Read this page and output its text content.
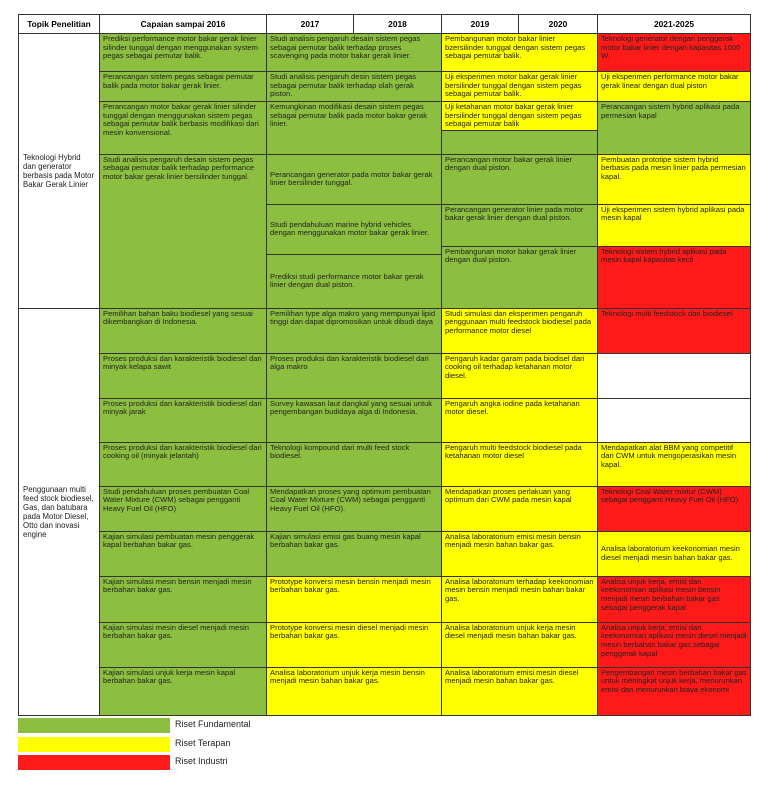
Topik Penelitian	Capaian sampai 2016	2017	2018	2019	2020	2021-2025
Teknologi Hybrid dan generator berbasis pada Motor Bakar Gerak Linier	Prediksi performance motor bakar gerak linier silinder tunggal dengan menggunakan system pegas sebagai pemutar balik.	Studi analisis pengaruh desain sistem pegas sebagai pemutar balik terhadap proses scavenging pada motor bakar gerak linier.		Pembangunan motor bakar linier bzersilinder tunggal dengan sistem pegas sebagai pemutar balik.		Teknologi generator dengan penggerak motor bakar linier dengan kapasitas 1000 W.
	Perancangan sistem pegas sebagai pemutar balik pada motor bakar gerak linier.	Studi analisis pengaruh desin sistem pegas sebagai pemutar balik terhadap olah gerak piston.		Uji eksperimen motor bakar gerak linier bersilinder tunggal dengan sistem pegas sebagai pemutar balik.		Uji eksperimen performance motor bakar gerak linear dengan dual piston
	Perancangan motor bakar gerak linier silinder tunggal dengan menggunakan sistem pegas sebagai pemutar balik berbasis modifikasi dari mesin konvensional.	Kemungkinan modifikasi desain sistem pegas sebagai pemutar balik pada motor bakar gerak linier.		Uji ketahanan motor bakar gerak linier bersilinder tunggal dengan sistem pegas sebagai pemutar balik		Perancangan sistem hybrid aplikasi pada permesian kapal

	Studi analisis pengaruh desain sistem pegas sebagai pemutar balik terhadap performance motor bakar gerak linier bersilinder tunggal.	Perancangan generator pada motor bakar gerak linier bersilinder tunggal.		Perancangan motor bakar gerak linier dengan dual piston.		Pembuatan prototipe sistem hybrid berbasis pada mesin linier pada permesian kapal.
		Studi pendahuluan marine hybrid vehicles dengan menggunakan motor bakar gerak linier.		Perancangan generator linier pada motor bakar gerak linier dengan dual piston.		Uji eksperimen sistem hybrid aplikasi pada mesin kapal
				Pembangunan motor bakar gerak linier dengan dual piston.		Teknologi sistem hybrid aplikasi pada mesin kapal kapasitas kecil
		Prediksi studi performance motor bakar gerak linier dengan dual piston.				
Penggunaan multi feed stock biodiesel, Gas, dan batubara pada Motor Diesel, Otto dan inovasi engine	Pemilihan bahan baku biodiesel yang sesuai dikembangkan di Indonesia.	Pemilihan type alga makro yang mempunyai lipid tinggi dan dapat dipromosikan untuk dibudi daya		Studi simulasi dan eksperimen pengaruh penggunaan multi feedstock biodiesel pada performance motor diesel		Teknologi multi feedstock dari biodiesel
	Proses produksi dan karakteristik biodiesel dari minyak kelapa sawit	Proses produksi dan karakteristik biodiesel dari alga makro		Pengaruh kadar garam pada biodisel dari cooking oil terhadap ketahanan motor diesel.		
	Proses produksi dan karakteristik biodiesel dari minyak jarak	Survey kawasan laut dangkal yang sesuai untuk pengembangan budidaya alga di Indonesia.		Pengaruh angka iodine pada ketahanan motor diesel.		
	Proses produksi dan karakteristik biodiesel dari cooking oil (minyak jelantah)	Teknologi kompound dari multi feed stock biodiesel.		Pengaruh multi feedstock biodiesel pada ketahanan motor diesel		Mendapatkan alat BBM yang competitif dari CWM untuk mengoperasikan mesin kapal.
	Studi pendahuluan proses pembuatan Coal Water Mixture (CWM) sebagai pengganti Heavy Fuel Oil (HFO)	Mendapatkan proses yang optimum pembuatan Coal Water Mixture (CWM) sebagai pengganti Heavy Fuel Oil (HFO).		Mendapatkan proses perlakuan yang optimum dari CWM pada mesin kapal		Teknologi Coal Water mixtur (CWM) sebagai pengganti Heavy Fuel Oil (HFO)
	Kajian simulasi pembuatan mesin penggerak kapal berbahan bakar gas.	Kajian simulasi emisi gas buang mesin kapal berbahan bakar gas.		Analisa laboratorium emisi mesin bensin menjadi mesin bahan bakar gas.		Analisa laboratorium keekonomian mesin diesel menjadi mesin bahan bakar gas.
	Kajian simulasi mesin bensin menjadi mesin berbahan bakar gas.	Prototype konversi mesin bensin menjadi mesin berbahan bakar gas.		Analisa laboratorium terhadap keekonomian mesin bensin menjadi mesin bahan bakar gas.		Analisa unjuk kerja, emisi dan keekonomian aplikasi mesin bensin menjadi mesin berbahan bakar gas sebagai penggerak kapal
	Kajian simulasi mesin diesel menjadi mesin berbahan bakar gas.	Prototype konversi mesin diesel menjadi mesin berbahan bakar gas.		Analisa laboratorium unjuk kerja mesin diesel menjadi mesin bahan bakar gas.		Analisa unjuk kerja, emisi dan keekonomian aplikasi mesin diesel menjadi mesin berbahan bakar gas sebagai penggerak kapal
	Kajian simulasi unjuk kerja mesin kapal berbahan bakar gas.	Analisa laboratorium unjuk kerja mesin bensin menjadi mesin bahan bakar gas.		Analisa laboratorium emisi mesin diesel menjadi mesin bahan bakar gas.		Pengembangan mesin berbahan bakar gas untuk meningkat unjuk kerja, menurunkan emisi dan menurunkan biaya ekonomi
Riset Fundamental
Riset Terapan
Riset Industri
